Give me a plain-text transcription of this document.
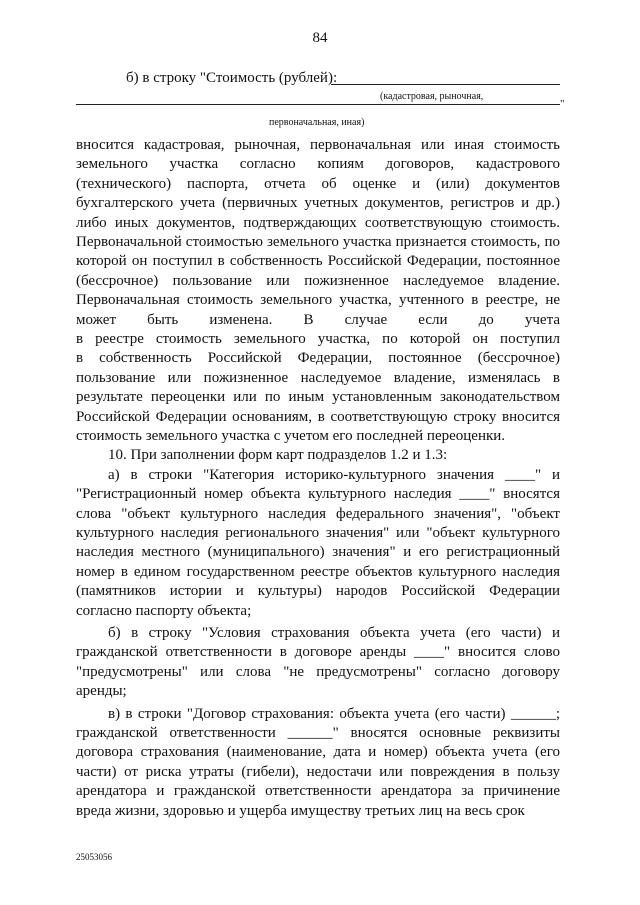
84
б) в строку "Стоимость (рублей):
(кадастровая, рыночная,
"
первоначальная, иная)
вносится кадастровая, рыночная, первоначальная или иная стоимость
земельного участка согласно копиям договоров, кадастрового
(технического) паспорта, отчета об оценке и (или) документов
бухгалтерского учета (первичных учетных документов, регистров и др.)
либо иных документов, подтверждающих соответствующую стоимость.
Первоначальной стоимостью земельного участка признается стоимость, по
которой он поступил в собственность Российской Федерации, постоянное
(бессрочное) пользование или пожизненное наследуемое владение.
Первоначальная стоимость земельного участка, учтенного в реестре, не
может быть изменена. В случае если до учета
в реестре стоимость земельного участка, по которой он поступил
в собственность Российской Федерации, постоянное (бессрочное)
пользование или пожизненное наследуемое владение, изменялась в
результате переоценки или по иным установленным законодательством
Российской Федерации основаниям, в соответствующую строку вносится
стоимость земельного участка с учетом его последней переоценки.
10. При заполнении форм карт подразделов 1.2 и 1.3:
а) в строки "Категория историко-культурного значения ____" и
"Регистрационный номер объекта культурного наследия ____" вносятся
слова "объект культурного наследия федерального значения", "объект
культурного наследия регионального значения" или "объект культурного
наследия местного (муниципального) значения" и его регистрационный
номер в едином государственном реестре объектов культурного наследия
(памятников истории и культуры) народов Российской Федерации
согласно паспорту объекта;
б) в строку "Условия страхования объекта учета (его части) и
гражданской ответственности в договоре аренды ____" вносится слово
"предусмотрены" или слова "не предусмотрены" согласно договору
аренды;
в) в строки "Договор страхования: объекта учета (его части) ______;
гражданской ответственности ______" вносятся основные реквизиты
договора страхования (наименование, дата и номер) объекта учета (его
части) от риска утраты (гибели), недостачи или повреждения в пользу
арендатора и гражданской ответственности арендатора за причинение
вреда жизни, здоровью и ущерба имуществу третьих лиц на весь срок
25053056
